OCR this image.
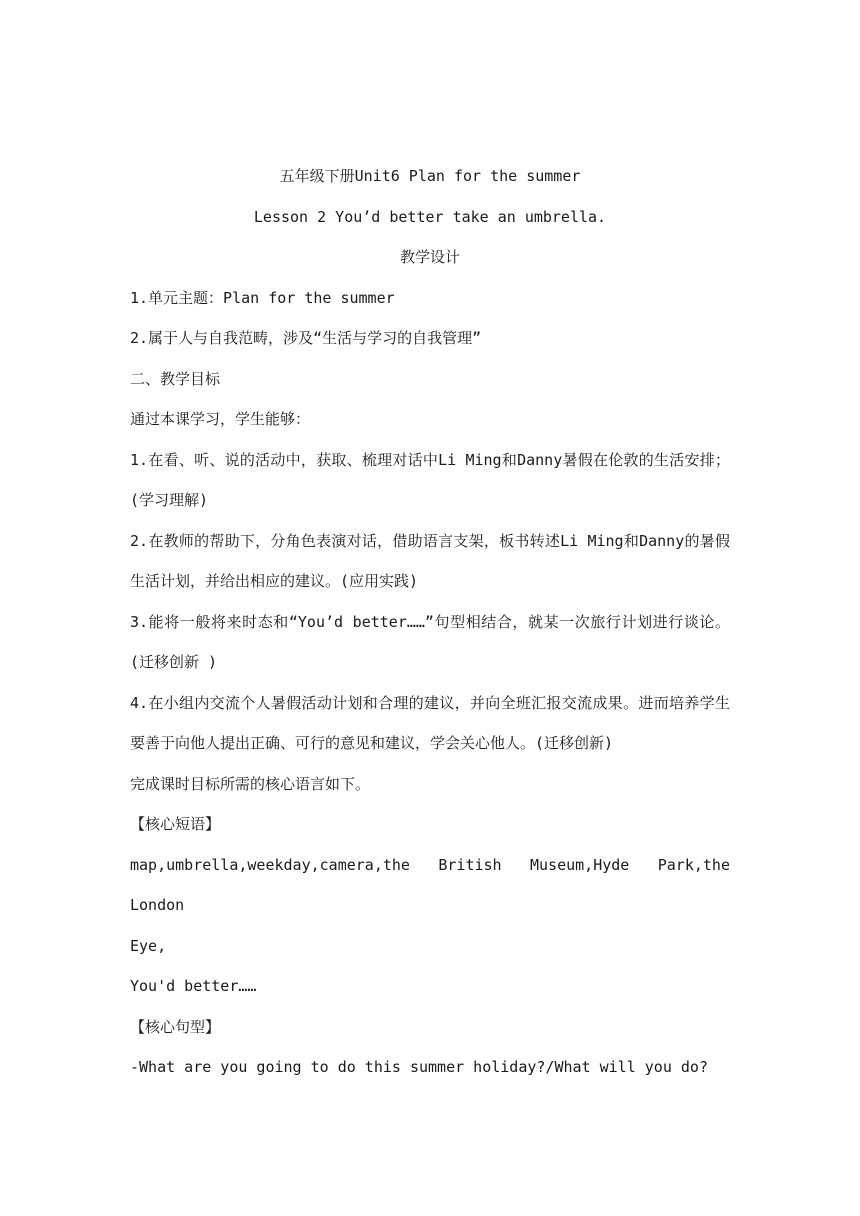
五年级下册Unit6 Plan for the summer

Lesson 2 You’d better take an umbrella.

教学设计

1.单元主题：Plan for the summer

2.属于人与自我范畴，涉及“生活与学习的自我管理”

二、教学目标

通过本课学习，学生能够：

1.在看、听、说的活动中，获取、梳理对话中Li Ming和Danny暑假在伦敦的生活安排；(学习理解)

2.在教师的帮助下，分角色表演对话，借助语言支架，板书转述Li Ming和Danny的暑假生活计划，并给出相应的建议。(应用实践)

3.能将一般将来时态和“You’d better……”句型相结合，就某一次旅行计划进行谈论。(迁移创新 )

4.在小组内交流个人暑假活动计划和合理的建议，并向全班汇报交流成果。进而培养学生要善于向他人提出正确、可行的意见和建议，学会关心他人。(迁移创新)

完成课时目标所需的核心语言如下。

【核心短语】

map,umbrella,weekday,camera,the British Museum,Hyde Park,the London

Eye,

You'd better……

【核心句型】

-What are you going to do this summer holiday?/What will you do?
